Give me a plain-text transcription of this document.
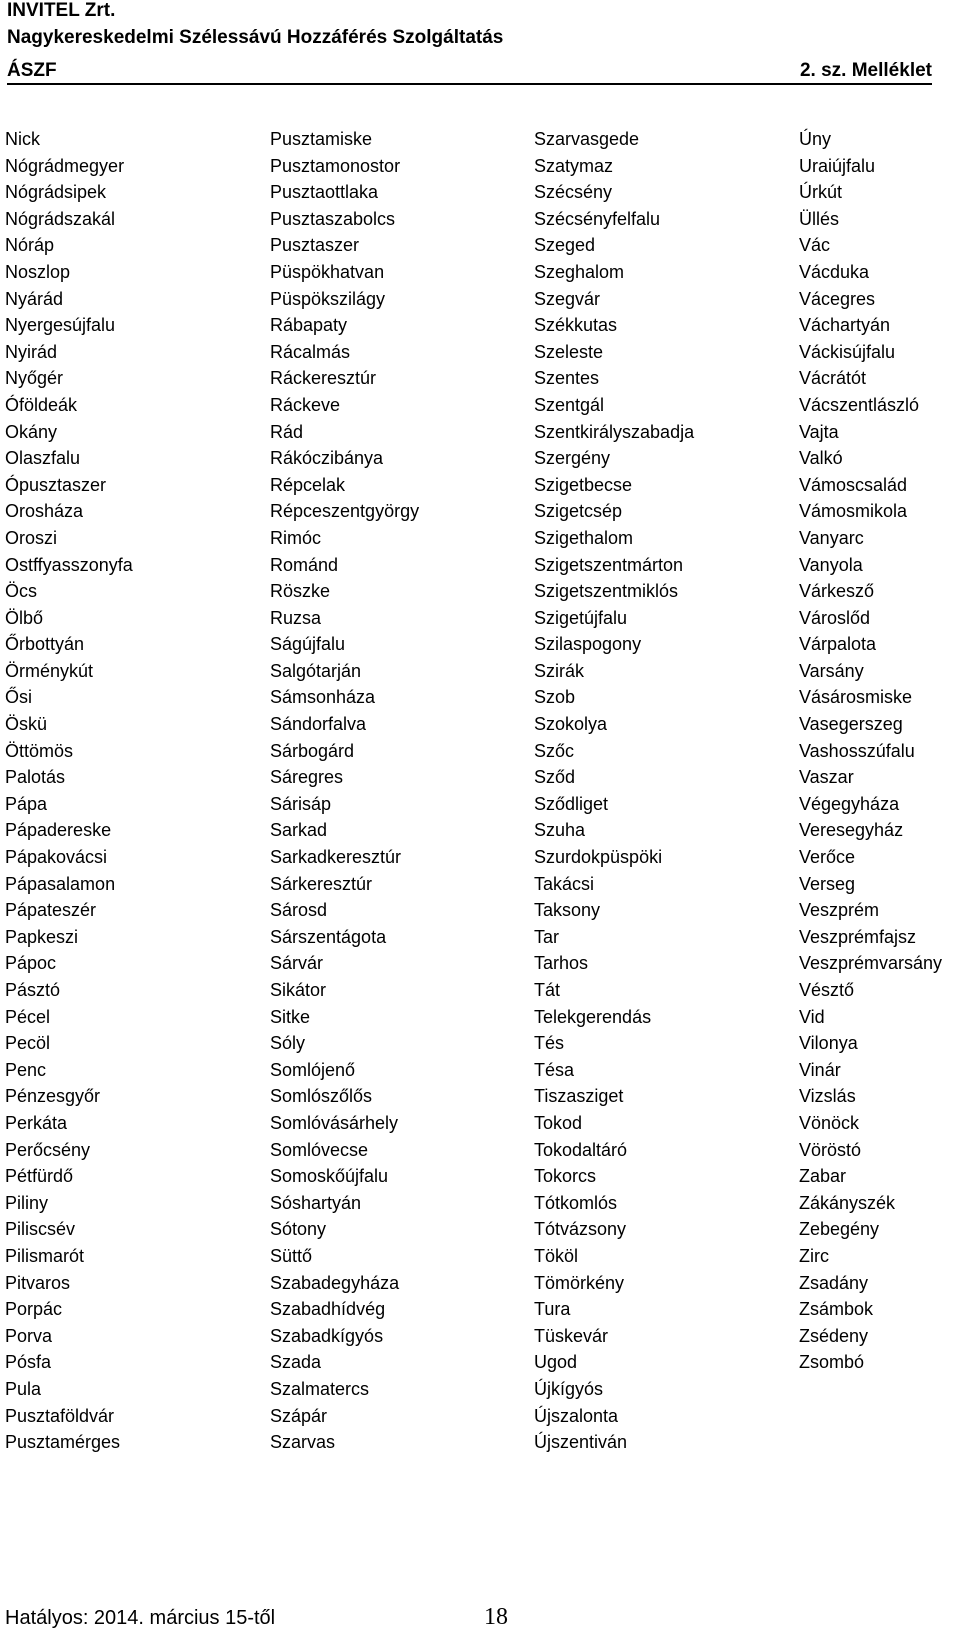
INVITEL Zrt.
Nagykereskedelmi Szélessávú Hozzáférés Szolgáltatás
ÁSZF	2. sz. Melléklet
Nick
Nógrádmegyer
Nógrádsipek
Nógrádszakál
Nóráp
Noszlop
Nyárád
Nyergesújfalu
Nyirád
Nyőgér
Óföldeák
Okány
Olaszfalu
Ópusztaszer
Orosháza
Oroszi
Ostffyasszonyfa
Öcs
Ölbő
Őrbottyán
Örménykút
Ősi
Öskü
Öttömös
Palotás
Pápa
Pápadereske
Pápakovácsi
Pápasalamon
Pápateszér
Papkeszi
Pápoc
Pásztó
Pécel
Pecöl
Penc
Pénzesgyőr
Perkáta
Perőcsény
Pétfürdő
Piliny
Piliscsév
Pilismarót
Pitvaros
Porpác
Porva
Pósfa
Pula
Pusztaföldvár
Pusztamérges
Pusztamiske
Pusztamonostor
Pusztaottlaka
Pusztaszabolcs
Pusztaszer
Püspökhatvan
Püspökszilágy
Rábapaty
Rácalmás
Ráckeresztúr
Ráckeve
Rád
Rákóczibánya
Répcelak
Répceszentgyörgy
Rimóc
Románd
Röszke
Ruzsa
Ságújfalu
Salgótarján
Sámsonháza
Sándorfalva
Sárbogárd
Sáregres
Sárisáp
Sarkad
Sarkadkeresztúr
Sárkeresztúr
Sárosd
Sárszentágota
Sárvár
Sikátor
Sitke
Sóly
Somlójenő
Somlószőlős
Somlóvásárhely
Somlóvecse
Somoskőújfalu
Sóshartyán
Sótony
Süttő
Szabadegyháza
Szabadhídvég
Szabadkígyós
Szada
Szalmatercs
Szápár
Szarvas
Szarvasgede
Szatymaz
Szécsény
Szécsényfelfalu
Szeged
Szeghalom
Szegvár
Székkutas
Szeleste
Szentes
Szentgál
Szentkirályszabadja
Szergény
Szigetbecse
Szigetcsép
Szigethalom
Szigetszentmárton
Szigetszentmiklós
Szigetújfalu
Szilaspogony
Szirák
Szob
Szokolya
Szőc
Sződ
Sződliget
Szuha
Szurdokpüspöki
Takácsi
Taksony
Tar
Tarhos
Tát
Telekgerendás
Tés
Tésa
Tiszasziget
Tokod
Tokodaltáró
Tokorcs
Tótkomlós
Tótvázsony
Tököl
Tömörkény
Tura
Tüskevár
Ugod
Újkígyós
Újszalonta
Újszentiván
Úny
Uraiújfalu
Úrkút
Üllés
Vác
Vácduka
Vácegres
Váchartyán
Váckisújfalu
Vácrátót
Vácszentlászló
Vajta
Valkó
Vámoscsalád
Vámosmikola
Vanyarc
Vanyola
Várkesző
Városlőd
Várpalota
Varsány
Vásárosmiske
Vasegerszeg
Vashosszúfalu
Vaszar
Végegyháza
Veresegyház
Verőce
Verseg
Veszprém
Veszprémfajsz
Veszprémvarsány
Vésztő
Vid
Vilonya
Vinár
Vizslás
Vönöck
Vöröstó
Zabar
Zákányszék
Zebegény
Zirc
Zsadány
Zsámbok
Zsédeny
Zsombó
Hatályos: 2014. március 15-től	18
